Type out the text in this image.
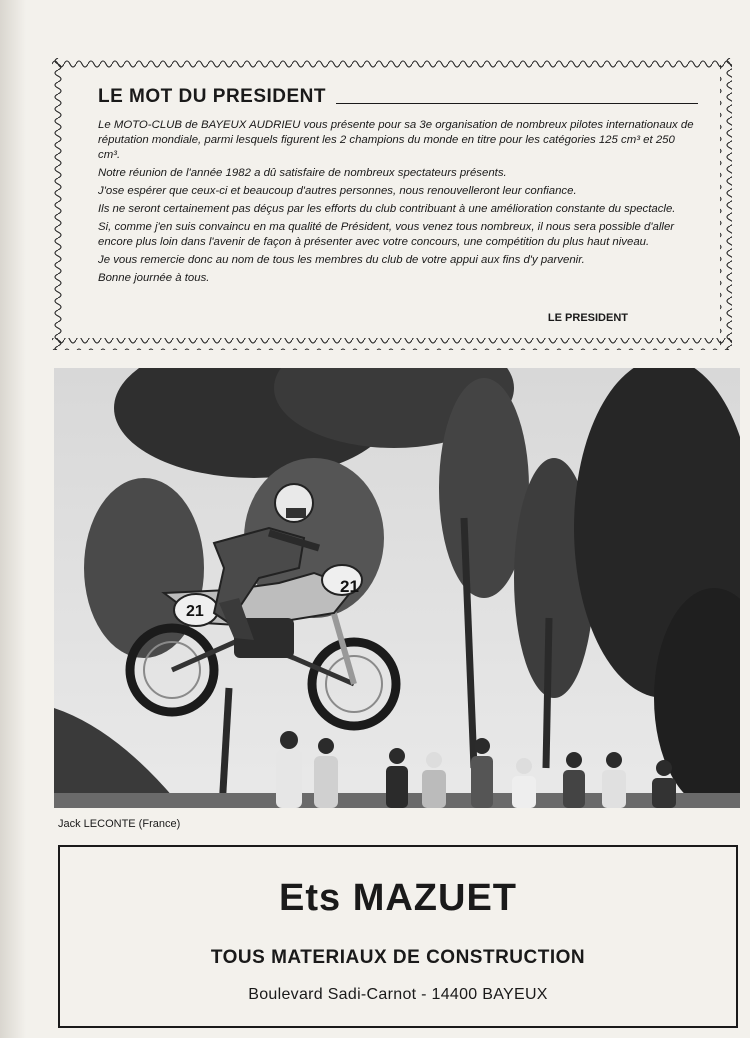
LE MOT DU PRESIDENT

Le MOTO-CLUB de BAYEUX AUDRIEU vous présente pour sa 3e organisation de nombreux pilotes internationaux de réputation mondiale, parmi lesquels figurent les 2 champions du monde en titre pour les catégories 125 cm³ et 250 cm³.

Notre réunion de l'année 1982 a dû satisfaire de nombreux spectateurs présents.

J'ose espérer que ceux-ci et beaucoup d'autres personnes, nous renouvelleront leur confiance.

Ils ne seront certainement pas déçus par les efforts du club contribuant à une amélioration constante du spectacle.

Si, comme j'en suis convaincu en ma qualité de Président, vous venez tous nombreux, il nous sera possible d'aller encore plus loin dans l'avenir de façon à présenter avec votre concours, une compétition du plus haut niveau.

Je vous remercie donc au nom de tous les membres du club de votre appui aux fins d'y parvenir.

Bonne journée à tous.

LE PRESIDENT
21
21
Jack LECONTE (France)
Ets MAZUET
TOUS MATERIAUX DE CONSTRUCTION
Boulevard Sadi-Carnot - 14400 BAYEUX
